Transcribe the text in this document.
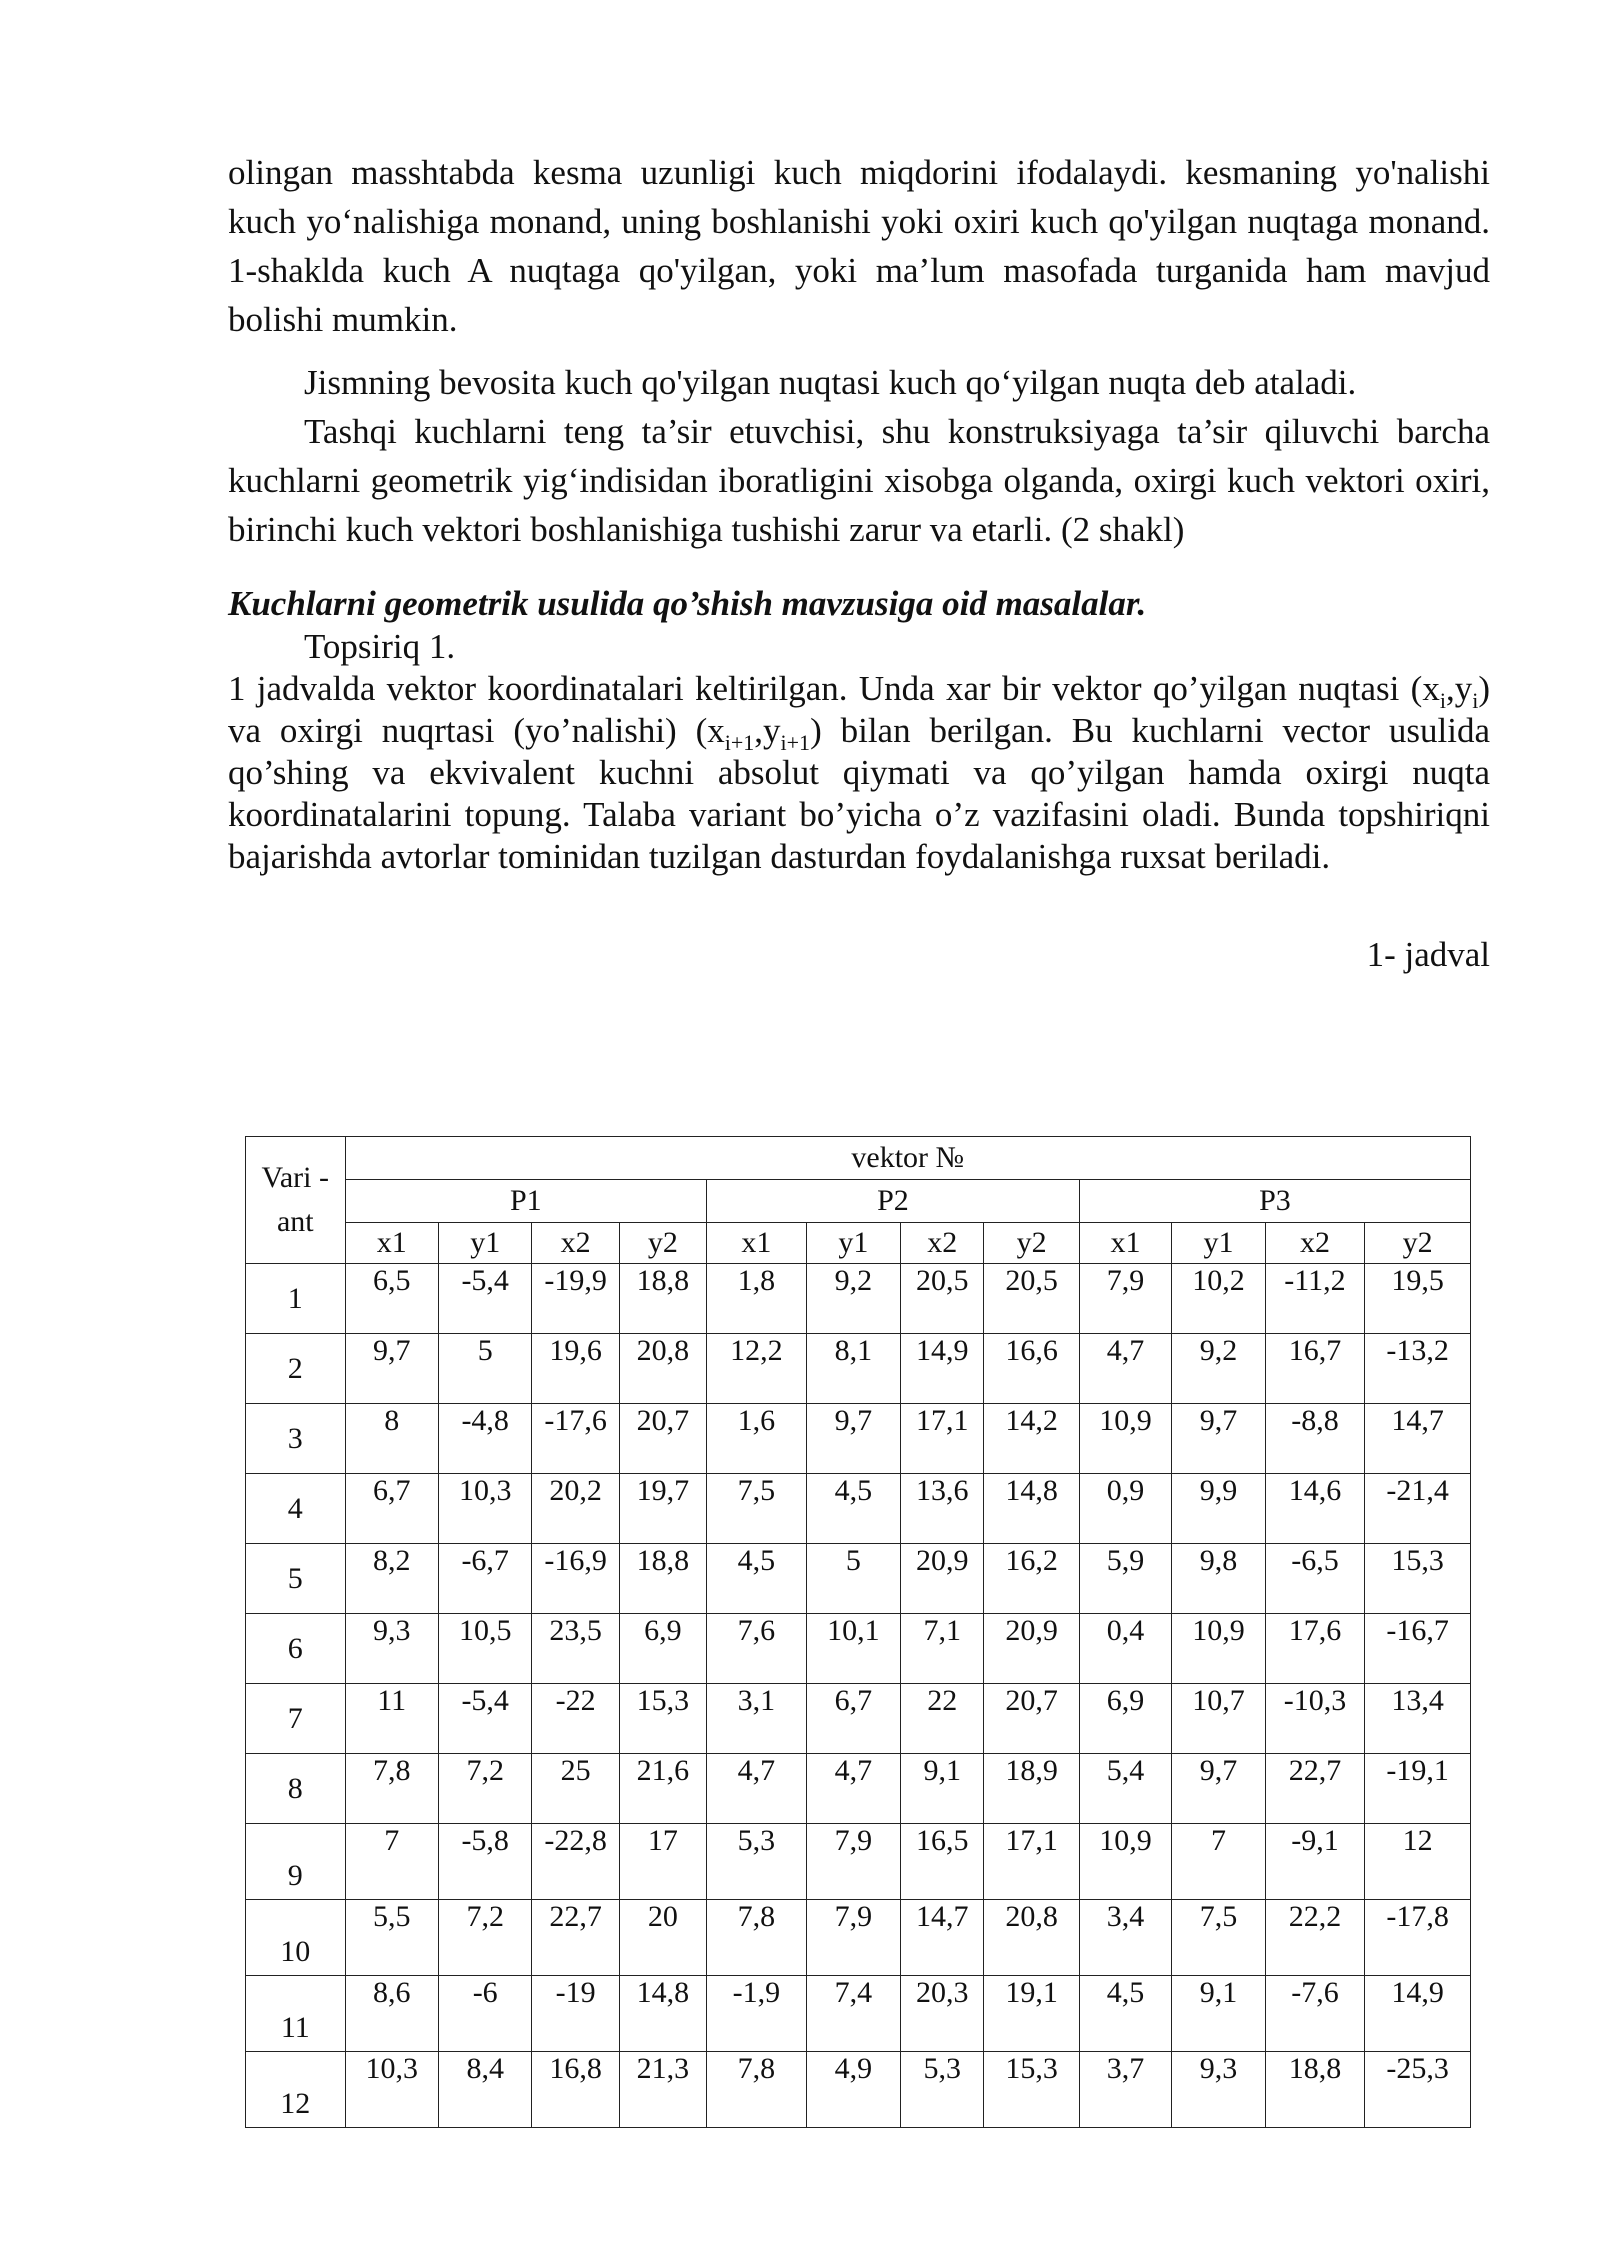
olingan masshtabda kesma uzunligi kuch miqdorini ifodalaydi. kesmaning yo'nalishi kuch yo‘nalishiga monand, uning boshlanishi yoki oxiri kuch qo'yilgan nuqtaga monand. 1-shaklda kuch A nuqtaga qo'yilgan, yoki ma’lum masofada turganida ham mavjud bolishi mumkin.

Jismning bevosita kuch qo'yilgan nuqtasi kuch qo‘yilgan nuqta deb ataladi.

Tashqi kuchlarni teng ta’sir etuvchisi, shu konstruksiyaga ta’sir qiluvchi barcha kuchlarni geometrik yig‘indisidan iboratligini xisobga olganda, oxirgi kuch vektori oxiri, birinchi kuch vektori boshlanishiga tushishi zarur va etarli. (2 shakl)

Kuchlarni geometrik usulida qo’shish mavzusiga oid masalalar.

Topsiriq 1.

1 jadvalda vektor koordinatalari keltirilgan. Unda xar bir vektor qo’yilgan nuqtasi $(x_i,y_i)$ va oxirgi nuqrtasi (yo’nalishi) $(x_{i+1},y_{i+1})$ bilan berilgan. Bu kuchlarni vector usulida qo’shing va ekvivalent kuchni absolut qiymati va qo’yilgan hamda oxirgi nuqta koordinatalarini topung. Talaba variant bo’yicha o’z vazifasini oladi. Bunda topshiriqni bajarishda avtorlar tominidan tuzilgan dasturdan foydalanishga ruxsat beriladi.

1- jadval

Vari -ant	vektor №											
	P1				P2				P3			
	x1	y1	x2	y2	x1	y1	x2	y2	x1	y1	x2	y2
1	6,5	-5,4	-19,9	18,8	1,8	9,2	20,5	20,5	7,9	10,2	-11,2	19,5
2	9,7	5	19,6	20,8	12,2	8,1	14,9	16,6	4,7	9,2	16,7	-13,2
3	8	-4,8	-17,6	20,7	1,6	9,7	17,1	14,2	10,9	9,7	-8,8	14,7
4	6,7	10,3	20,2	19,7	7,5	4,5	13,6	14,8	0,9	9,9	14,6	-21,4
5	8,2	-6,7	-16,9	18,8	4,5	5	20,9	16,2	5,9	9,8	-6,5	15,3
6	9,3	10,5	23,5	6,9	7,6	10,1	7,1	20,9	0,4	10,9	17,6	-16,7
7	11	-5,4	-22	15,3	3,1	6,7	22	20,7	6,9	10,7	-10,3	13,4
8	7,8	7,2	25	21,6	4,7	4,7	9,1	18,9	5,4	9,7	22,7	-19,1
9	7	-5,8	-22,8	17	5,3	7,9	16,5	17,1	10,9	7	-9,1	12
10	5,5	7,2	22,7	20	7,8	7,9	14,7	20,8	3,4	7,5	22,2	-17,8
11	8,6	-6	-19	14,8	-1,9	7,4	20,3	19,1	4,5	9,1	-7,6	14,9
12	10,3	8,4	16,8	21,3	7,8	4,9	5,3	15,3	3,7	9,3	18,8	-25,3
